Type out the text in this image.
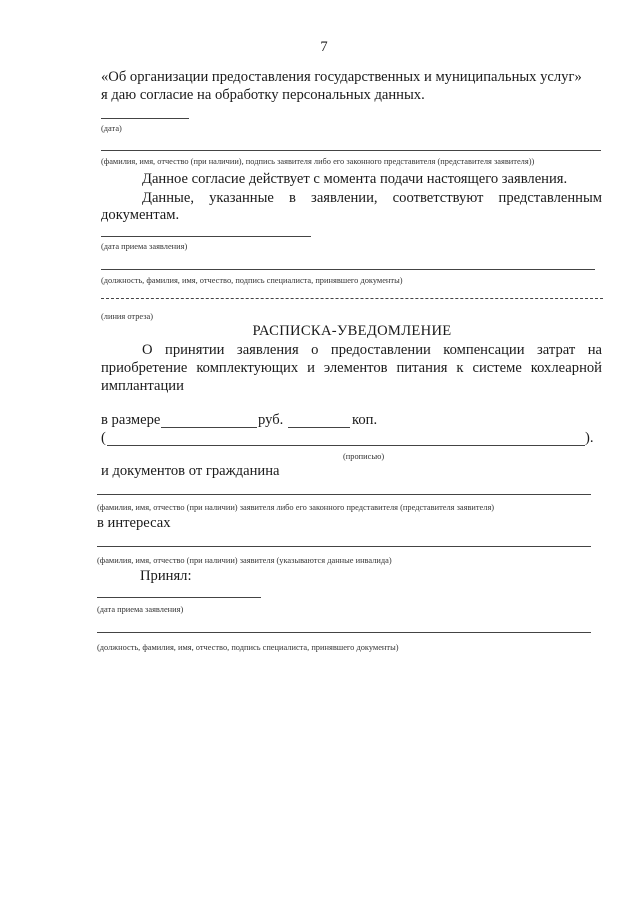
7
«Об организации предоставления государственных и муниципальных услуг»
я даю согласие на обработку персональных данных.
(дата)
(фамилия, имя, отчество (при наличии), подпись заявителя либо его законного представителя (представителя заявителя))
Данное согласие действует с момента подачи настоящего заявления.
Данные, указанные в заявлении, соответствуют представленным
документам.
(дата приема заявления)
(должность, фамилия, имя, отчество, подпись специалиста, принявшего документы)
(линия отреза)
РАСПИСКА-УВЕДОМЛЕНИЕ
О принятии заявления о предоставлении компенсации затрат на
приобретение комплектующих и элементов питания к системе кохлеарной
имплантации
в размере	руб.	коп.
(	).
(прописью)
и документов от гражданина
(фамилия, имя, отчество (при наличии) заявителя либо его законного представителя (представителя заявителя)
в интересах
(фамилия, имя, отчество (при наличии) заявителя (указываются данные инвалида)
Принял:
(дата приема заявления)
(должность, фамилия, имя, отчество, подпись специалиста, принявшего документы)
